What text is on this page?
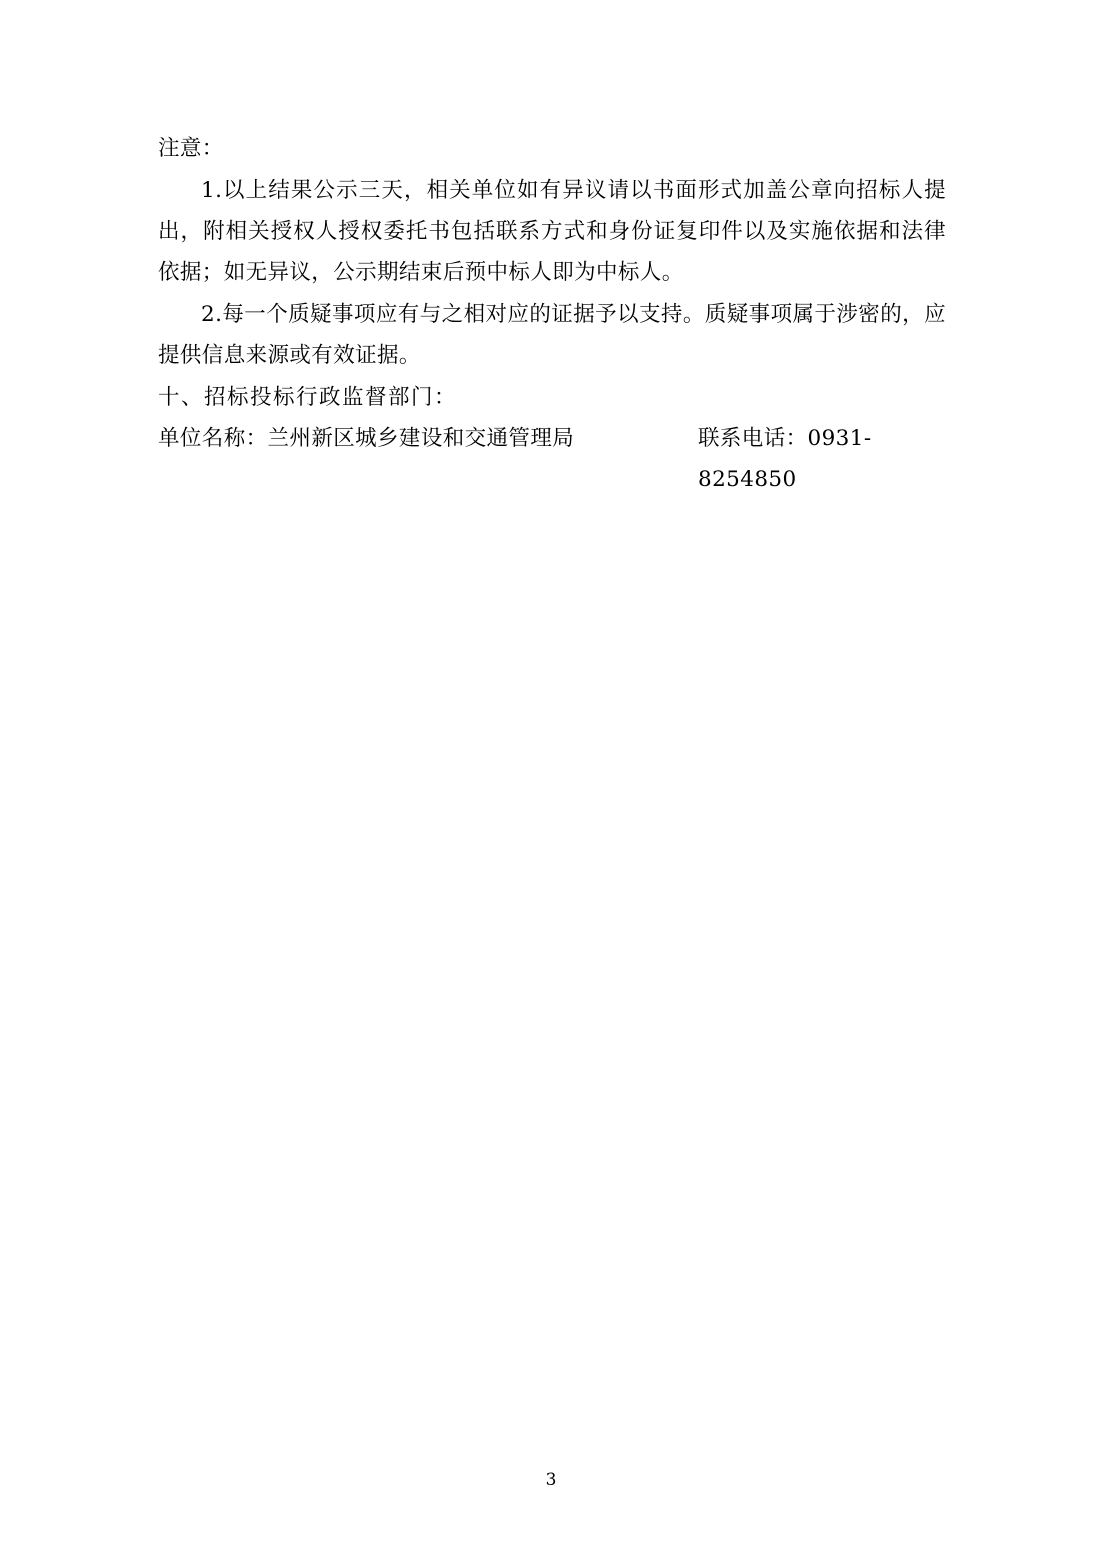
注意：

1.以上结果公示三天，相关单位如有异议请以书面形式加盖公章向招标人提出，附相关授权人授权委托书包括联系方式和身份证复印件以及实施依据和法律依据；如无异议，公示期结束后预中标人即为中标人。

2.每一个质疑事项应有与之相对应的证据予以支持。质疑事项属于涉密的，应提供信息来源或有效证据。

十、招标投标行政监督部门：

单位名称：兰州新区城乡建设和交通管理局	联系电话：0931-8254850
3
